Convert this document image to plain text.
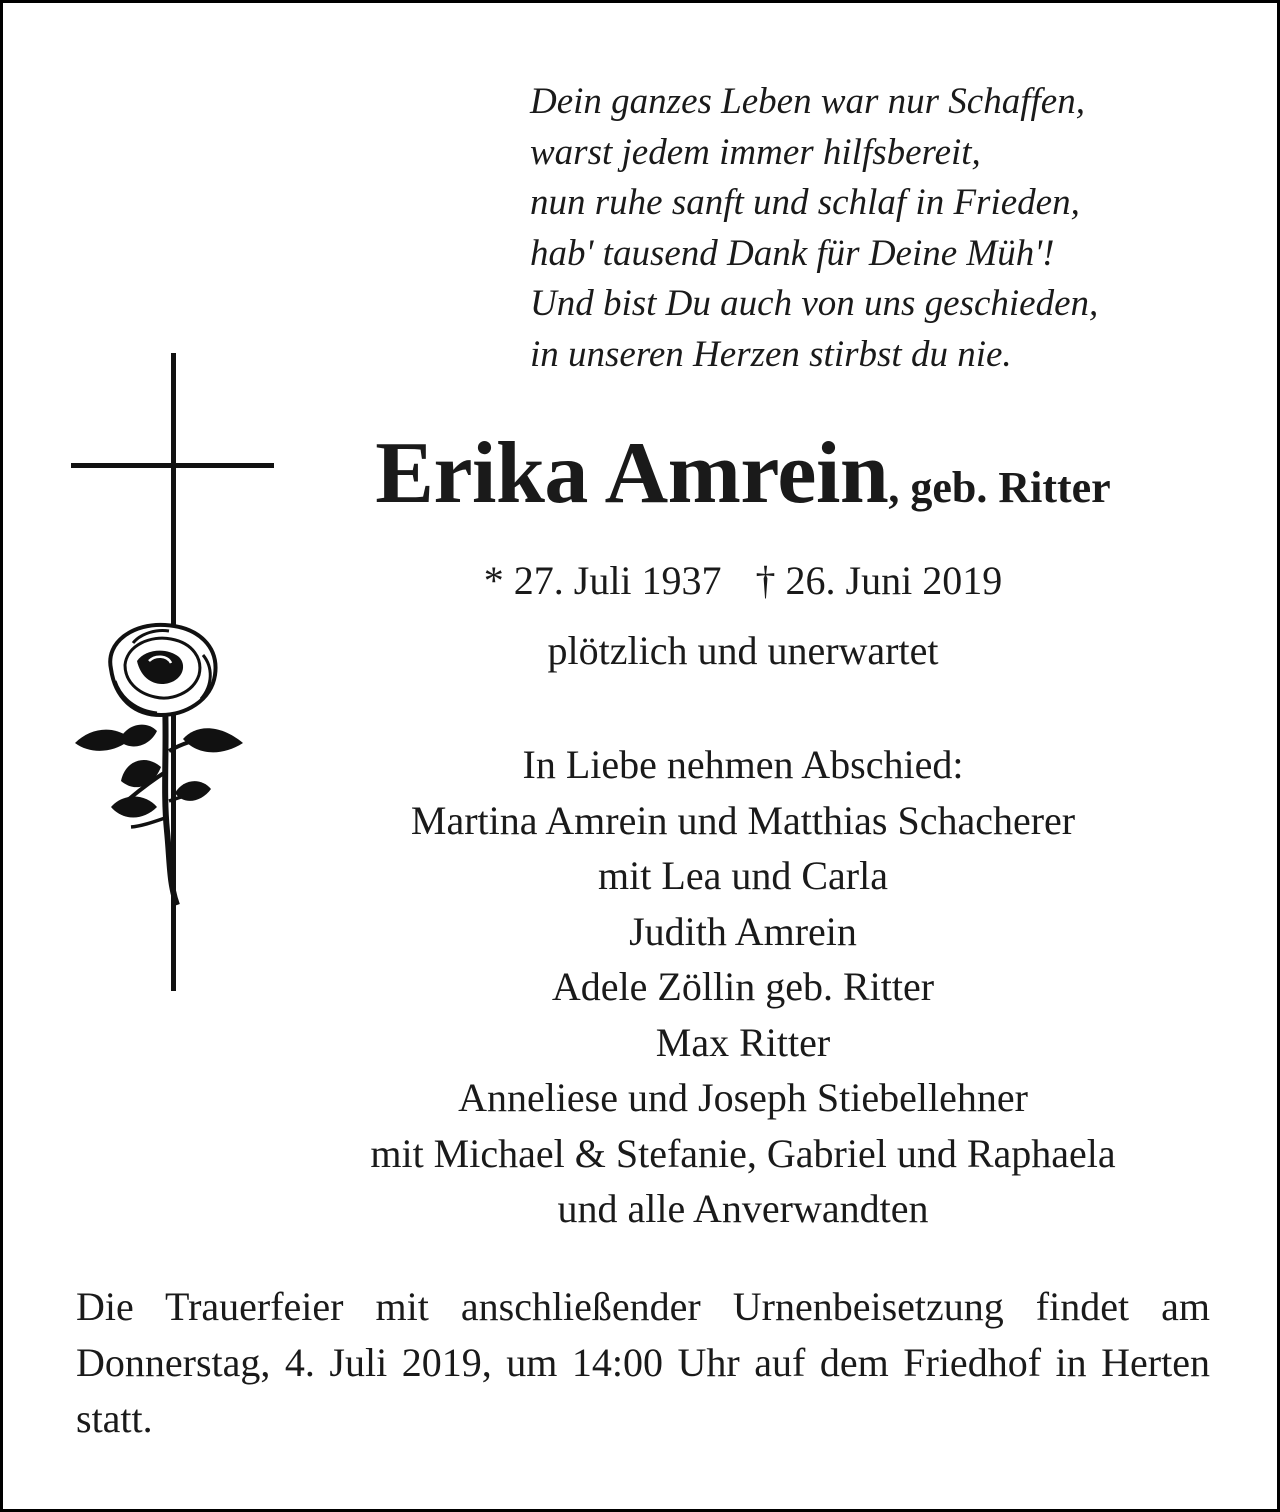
Dein ganzes Leben war nur Schaffen,
warst jedem immer hilfsbereit,
nun ruhe sanft und schlaf in Frieden,
hab' tausend Dank für Deine Müh'!
Und bist Du auch von uns geschieden,
in unseren Herzen stirbst du nie.
Erika Amrein, geb. Ritter
* 27. Juli 1937 † 26. Juni 2019
plötzlich und unerwartet
In Liebe nehmen Abschied:
Martina Amrein und Matthias Schacherer
mit Lea und Carla
Judith Amrein
Adele Zöllin geb. Ritter
Max Ritter
Anneliese und Joseph Stiebellehner
mit Michael & Stefanie, Gabriel und Raphaela
und alle Anverwandten
Die Trauerfeier mit anschließender Urnenbeisetzung findet am Donnerstag, 4. Juli 2019, um 14:00 Uhr auf dem Friedhof in Herten statt.
